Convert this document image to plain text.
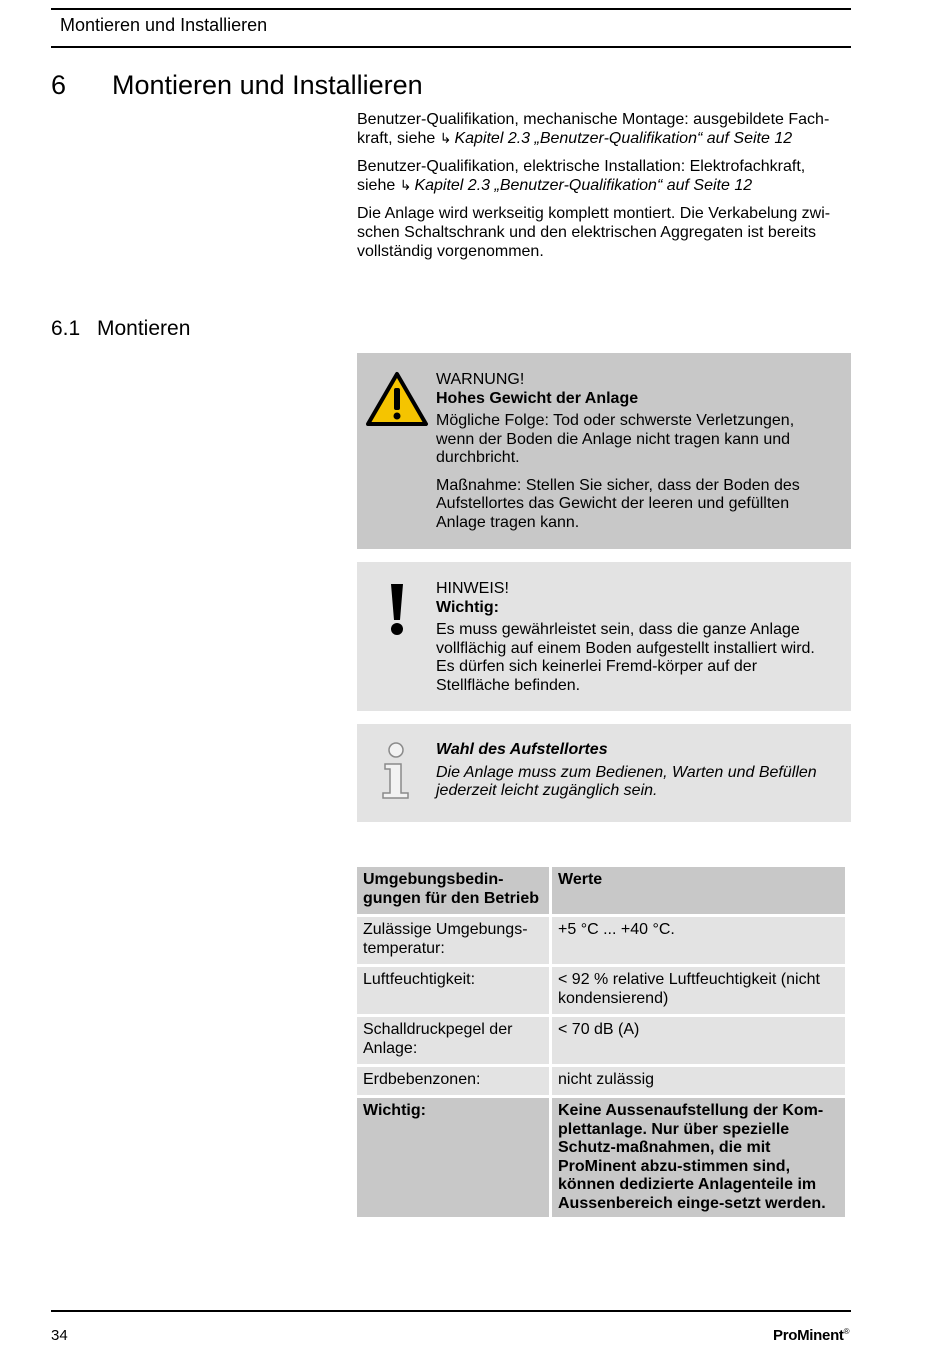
Montieren und Installieren
6 Montieren und Installieren
Benutzer-Qualifikation, mechanische Montage: ausgebildete Fach-
kraft, siehe ↳ Kapitel 2.3 „Benutzer-Qualifikation“ auf Seite 12
Benutzer-Qualifikation, elektrische Installation: Elektrofachkraft,
siehe ↳ Kapitel 2.3 „Benutzer-Qualifikation“ auf Seite 12
Die Anlage wird werkseitig komplett montiert. Die Verkabelung zwi-
schen Schaltschrank und den elektrischen Aggregaten ist bereits
vollständig vorgenommen.
6.1 Montieren

WARNUNG!
Hohes Gewicht der Anlage

Mögliche Folge: Tod oder schwerste Verletzungen, wenn der Boden die Anlage nicht tragen kann und durchbricht.

Maßnahme: Stellen Sie sicher, dass der Boden des Aufstellortes das Gewicht der leeren und gefüllten Anlage tragen kann.

HINWEIS!
Wichtig:

Es muss gewährleistet sein, dass die ganze Anlage vollflächig auf einem Boden aufgestellt installiert wird. Es dürfen sich keinerlei Fremd-körper auf der Stellfläche befinden.

Wahl des Aufstellortes

Die Anlage muss zum Bedienen, Warten und Befüllen jederzeit leicht zugänglich sein.

Umgebungsbedin-gungen für den Betrieb	Werte
Zulässige Umgebungs-temperatur:	+5 °C ... +40 °C.
Luftfeuchtigkeit:	< 92 % relative Luftfeuchtigkeit (nicht kondensierend)
Schalldruckpegel der Anlage:	< 70 dB (A)
Erdbebenzonen:	nicht zulässig
Wichtig:	Keine Aussenaufstellung der Kom-plettanlage. Nur über spezielle Schutz-maßnahmen, die mit ProMinent abzu-stimmen sind, können dedizierte Anlagenteile im Aussenbereich einge-setzt werden.
34	ProMinent®
